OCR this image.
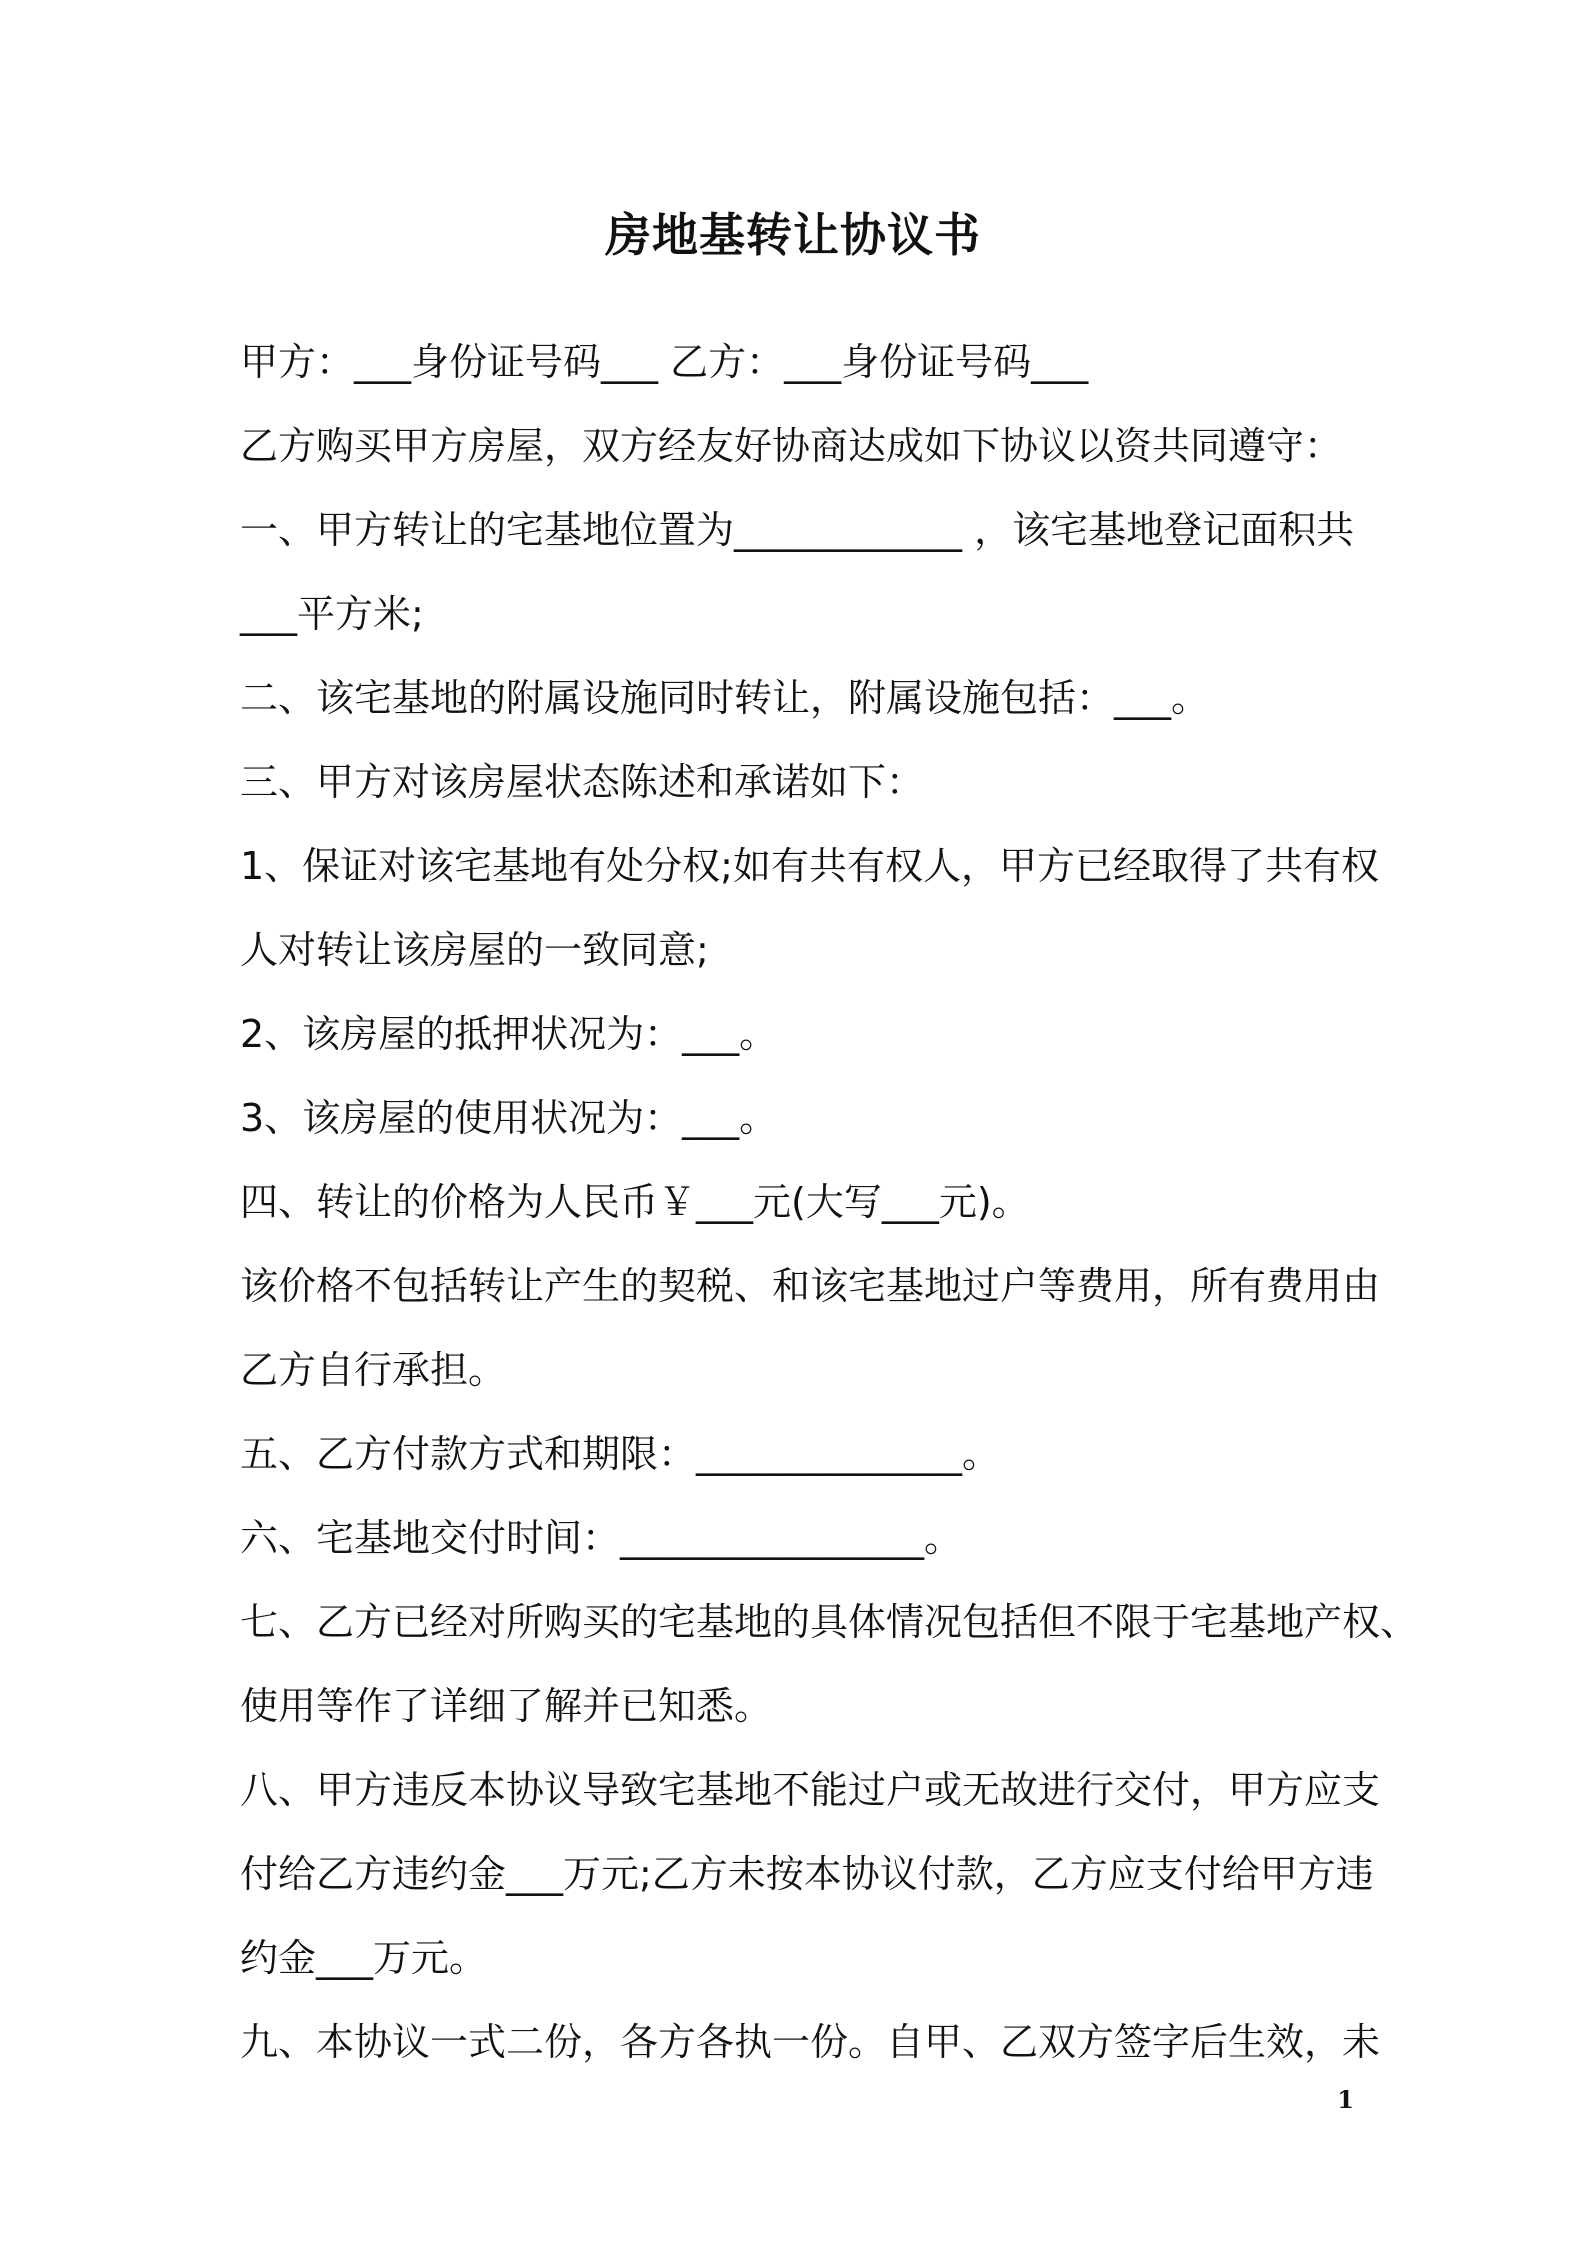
房地基转让协议书
甲方：___身份证号码___ 乙方：___身份证号码___
乙方购买甲方房屋，双方经友好协商达成如下协议以资共同遵守：
一、甲方转让的宅基地位置为____________ ，该宅基地登记面积共
___平方米;
二、该宅基地的附属设施同时转让，附属设施包括：___。
三、甲方对该房屋状态陈述和承诺如下：
1、保证对该宅基地有处分权;如有共有权人，甲方已经取得了共有权
人对转让该房屋的一致同意;
2、该房屋的抵押状况为：___。
3、该房屋的使用状况为：___。
四、转让的价格为人民币￥___元(大写___元)。
该价格不包括转让产生的契税、和该宅基地过户等费用，所有费用由
乙方自行承担。
五、乙方付款方式和期限：______________。
六、宅基地交付时间：________________。
七、乙方已经对所购买的宅基地的具体情况包括但不限于宅基地产权、
使用等作了详细了解并已知悉。
八、甲方违反本协议导致宅基地不能过户或无故进行交付，甲方应支
付给乙方违约金___万元;乙方未按本协议付款，乙方应支付给甲方违
约金___万元。
九、本协议一式二份，各方各执一份。自甲、乙双方签字后生效，未
1
